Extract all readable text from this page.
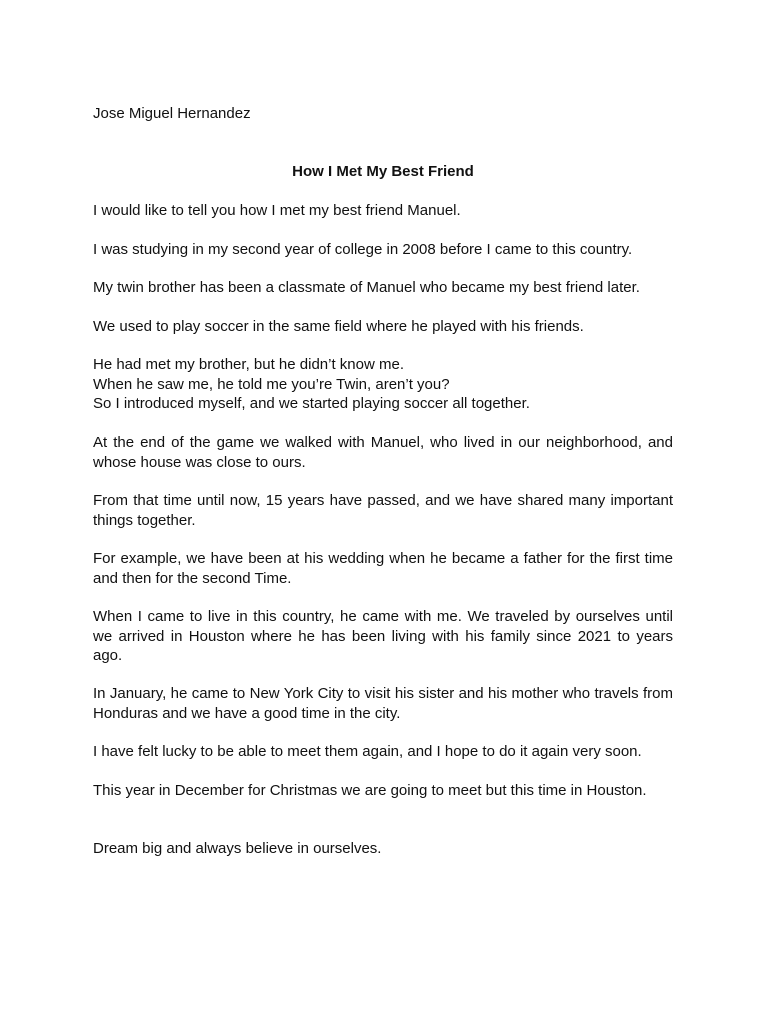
Jose Miguel Hernandez
How I Met My Best Friend

I would like to tell you how I met my best friend Manuel.

I was studying in my second year of college in 2008 before I came to this country.

My twin brother has been a classmate of Manuel who became my best friend later.

We used to play soccer in the same field where he played with his friends.

He had met my brother, but he didn’t know me.
When he saw me, he told me you’re Twin, aren’t you?
So I introduced myself, and we started playing soccer all together.

At the end of the game we walked with Manuel, who lived in our neighborhood, and whose house was close to ours.

From that time until now, 15 years have passed, and we have shared many important things together.

For example, we have been at his wedding when he became a father for the first time and then for the second Time.

When I came to live in this country, he came with me. We traveled by ourselves until we arrived in Houston where he has been living with his family since 2021 to years ago.

In January, he came to New York City to visit his sister and his mother who travels from Honduras and we have a good time in the city.

I have felt lucky to be able to meet them again, and I hope to do it again very soon.

This year in December for Christmas we are going to meet but this time in Houston.

Dream big and always believe in ourselves.
